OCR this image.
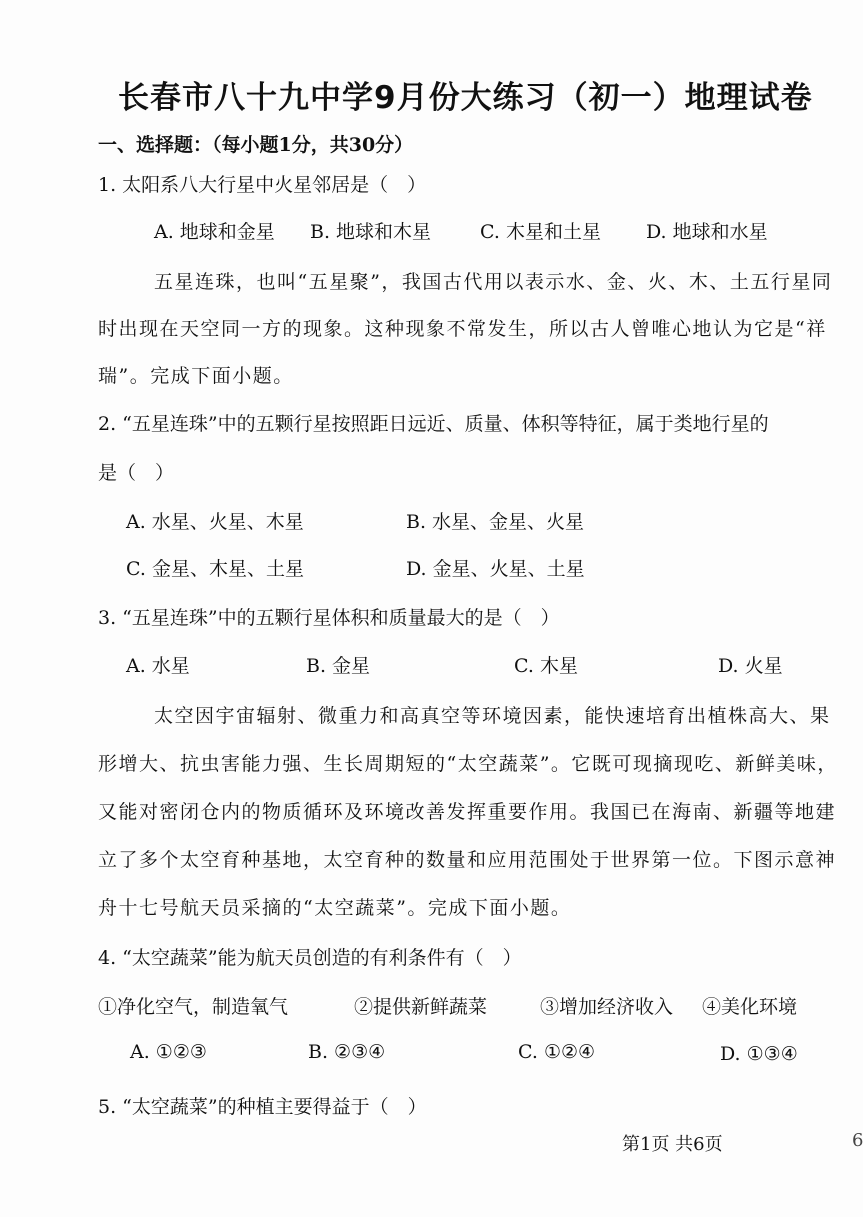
长春市八十九中学9月份大练习（初一）地理试卷
一、选择题：（每小题1分，共30分）
1. 太阳系八大行星中火星邻居是（　）
A. 地球和金星 B. 地球和木星	C. 木星和土星 D. 地球和水星
五星连珠，也叫“五星聚”，我国古代用以表示水、金、火、木、土五行星同
时出现在天空同一方的现象。这种现象不常发生，所以古人曾唯心地认为它是“祥
瑞”。完成下面小题。
2. “五星连珠”中的五颗行星按照距日远近、质量、体积等特征，属于类地行星的
是（　）
A. 水星、火星、木星	B. 水星、金星、火星
C. 金星、木星、土星	D. 金星、火星、土星
3. “五星连珠”中的五颗行星体积和质量最大的是（　）
A. 水星	B. 金星	C. 木星	D. 火星
太空因宇宙辐射、微重力和高真空等环境因素，能快速培育出植株高大、果
形增大、抗虫害能力强、生长周期短的“太空蔬菜”。它既可现摘现吃、新鲜美味，
又能对密闭仓内的物质循环及环境改善发挥重要作用。我国已在海南、新疆等地建
立了多个太空育种基地，太空育种的数量和应用范围处于世界第一位。下图示意神
舟十七号航天员采摘的“太空蔬菜”。完成下面小题。
4. “太空蔬菜”能为航天员创造的有利条件有（　）
①净化空气，制造氧气	②提供新鲜蔬菜	③增加经济收入 ④美化环境
A. ①②③	B. ②③④	C. ①②④	D. ①③④
5. “太空蔬菜”的种植主要得益于（　）
第1页 共6页	6
